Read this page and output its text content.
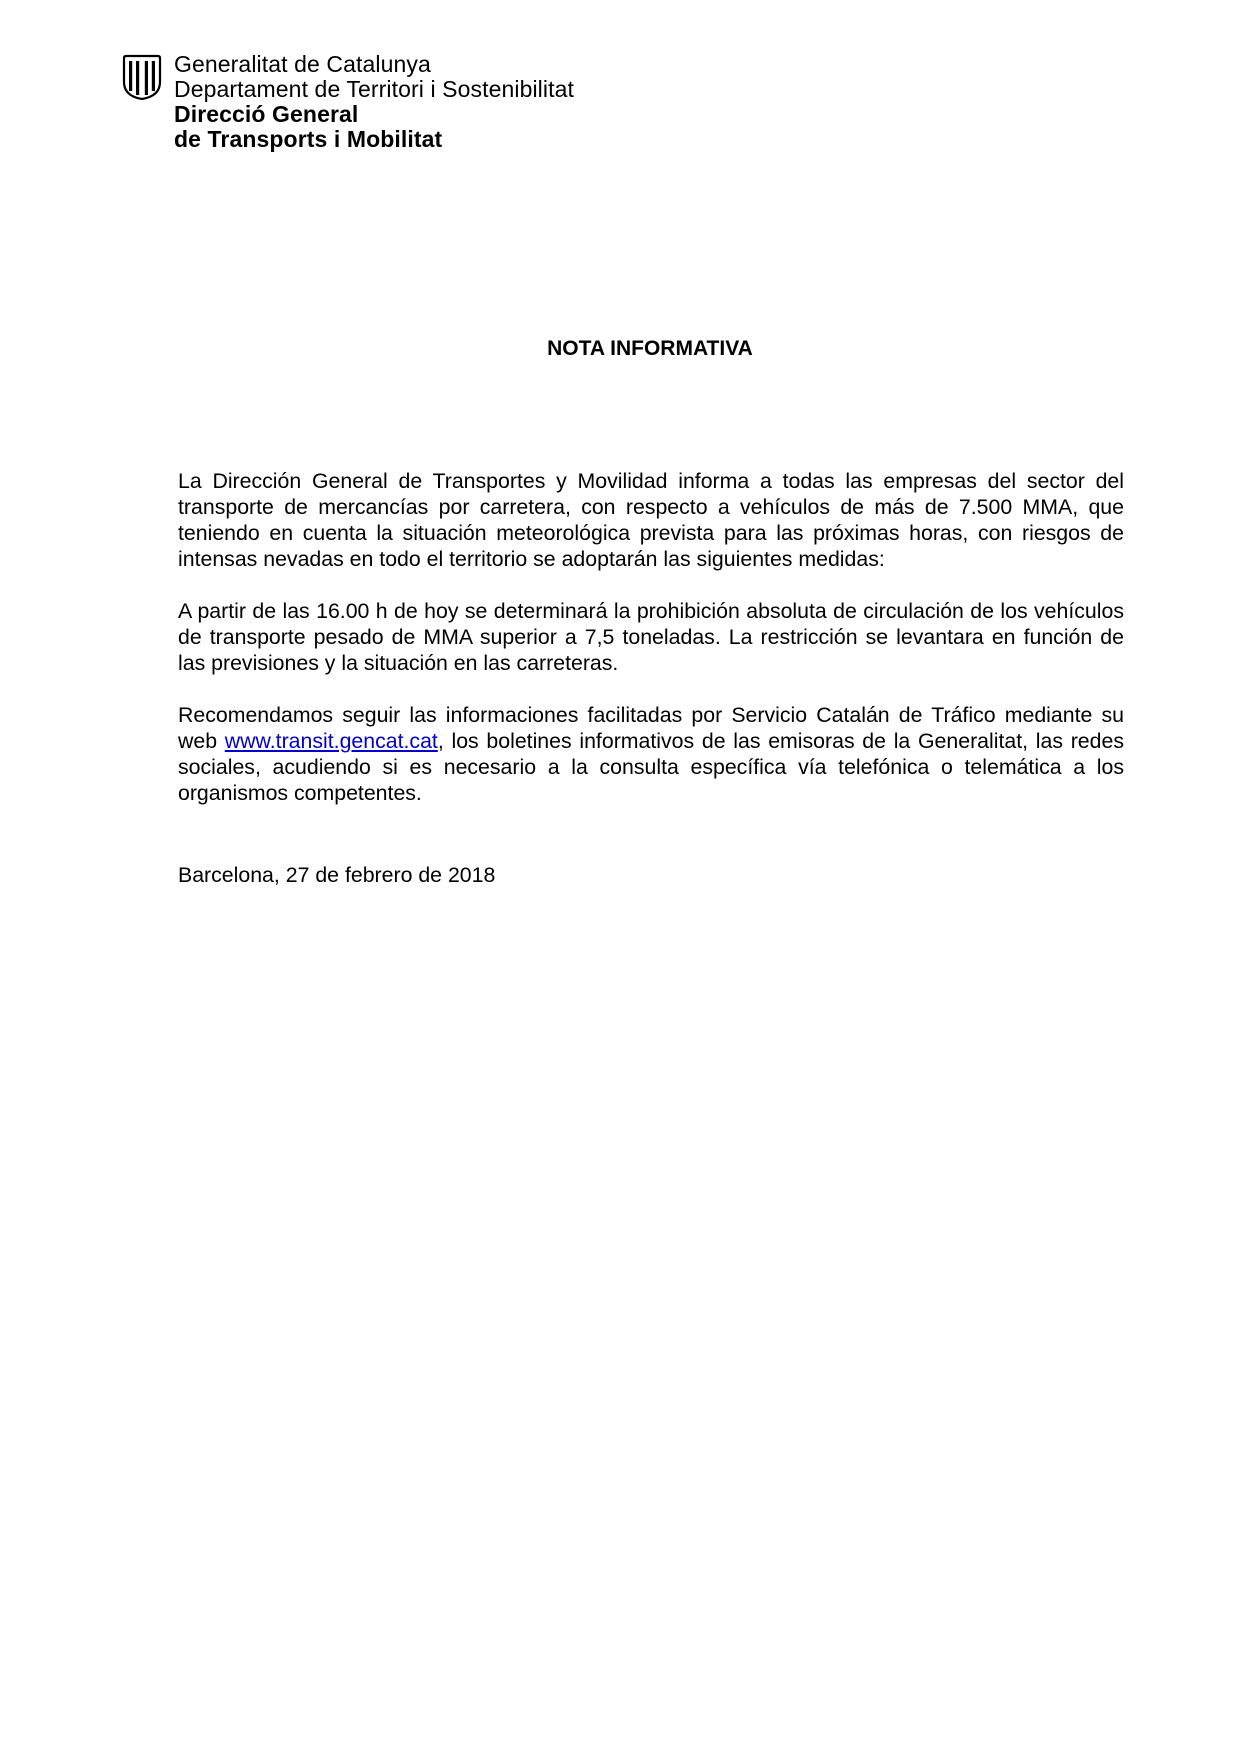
Generalitat de Catalunya
Departament de Territori i Sostenibilitat
Direcció General
de Transports i Mobilitat
NOTA INFORMATIVA

La Dirección General de Transportes y Movilidad informa a todas las empresas del sector del transporte de mercancías por carretera, con respecto a vehículos de más de 7.500 MMA, que teniendo en cuenta la situación meteorológica prevista para las próximas horas, con riesgos de intensas nevadas en todo el territorio se adoptarán las siguientes medidas:

A partir de las 16.00 h de hoy se determinará la prohibición absoluta de circulación de los vehículos de transporte pesado de MMA superior a 7,5 toneladas. La restricción se levantara en función de las previsiones y la situación en las carreteras.

Recomendamos seguir las informaciones facilitadas por Servicio Catalán de Tráfico mediante su web www.transit.gencat.cat, los boletines informativos de las emisoras de la Generalitat, las redes sociales, acudiendo si es necesario a la consulta específica vía telefónica o telemática a los organismos competentes.

Barcelona, 27 de febrero de 2018
